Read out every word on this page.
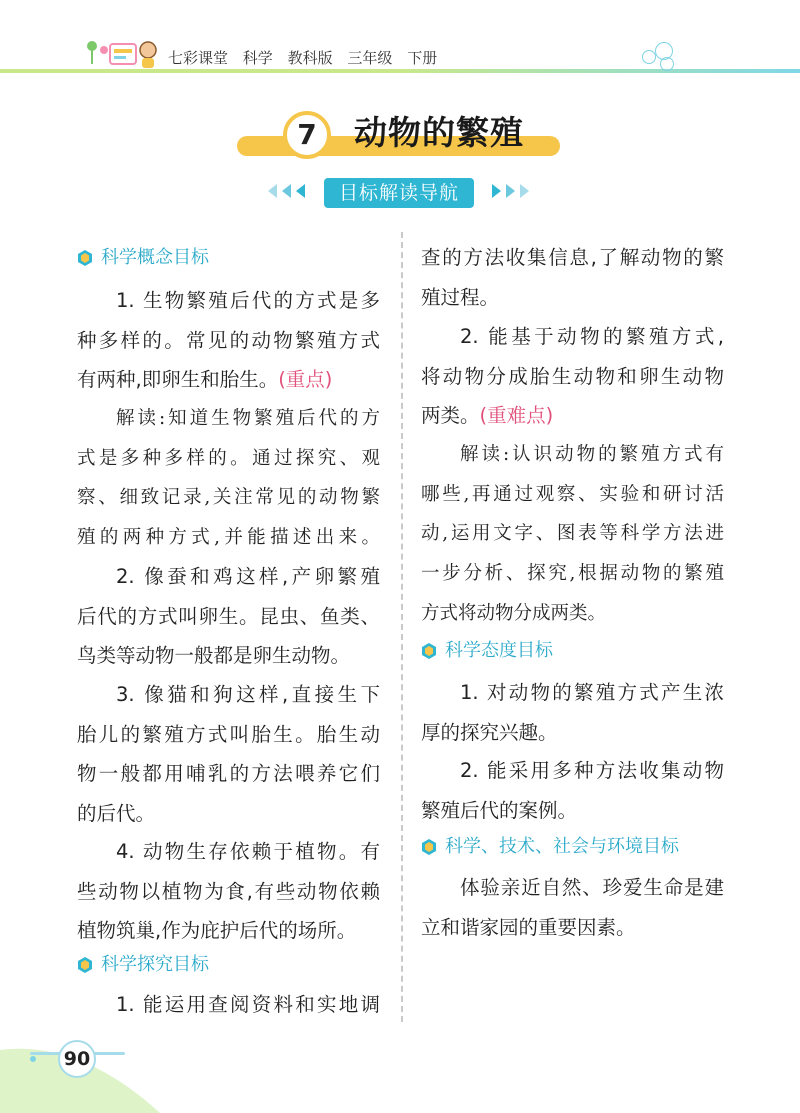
七彩课堂 科学 教科版 三年级 下册
7	动物的繁殖
目标解读导航
科学概念目标
1. 生物繁殖后代的方式是多
种多样的。常见的动物繁殖方式
有两种,即卵生和胎生。(重点)
解读:知道生物繁殖后代的方
式是多种多样的。通过探究、观
察、细致记录,关注常见的动物繁
殖的两种方式,并能描述出来。
2. 像蚕和鸡这样,产卵繁殖
后代的方式叫卵生。昆虫、鱼类、
鸟类等动物一般都是卵生动物。
3. 像猫和狗这样,直接生下
胎儿的繁殖方式叫胎生。胎生动
物一般都用哺乳的方法喂养它们
的后代。
4. 动物生存依赖于植物。有
些动物以植物为食,有些动物依赖
植物筑巢,作为庇护后代的场所。
科学探究目标
1. 能运用查阅资料和实地调
查的方法收集信息,了解动物的繁
殖过程。
2. 能基于动物的繁殖方式,
将动物分成胎生动物和卵生动物
两类。(重难点)
解读:认识动物的繁殖方式有
哪些,再通过观察、实验和研讨活
动,运用文字、图表等科学方法进
一步分析、探究,根据动物的繁殖
方式将动物分成两类。
科学态度目标
1. 对动物的繁殖方式产生浓
厚的探究兴趣。
2. 能采用多种方法收集动物
繁殖后代的案例。
科学、技术、社会与环境目标
体验亲近自然、珍爱生命是建
立和谐家园的重要因素。
90
